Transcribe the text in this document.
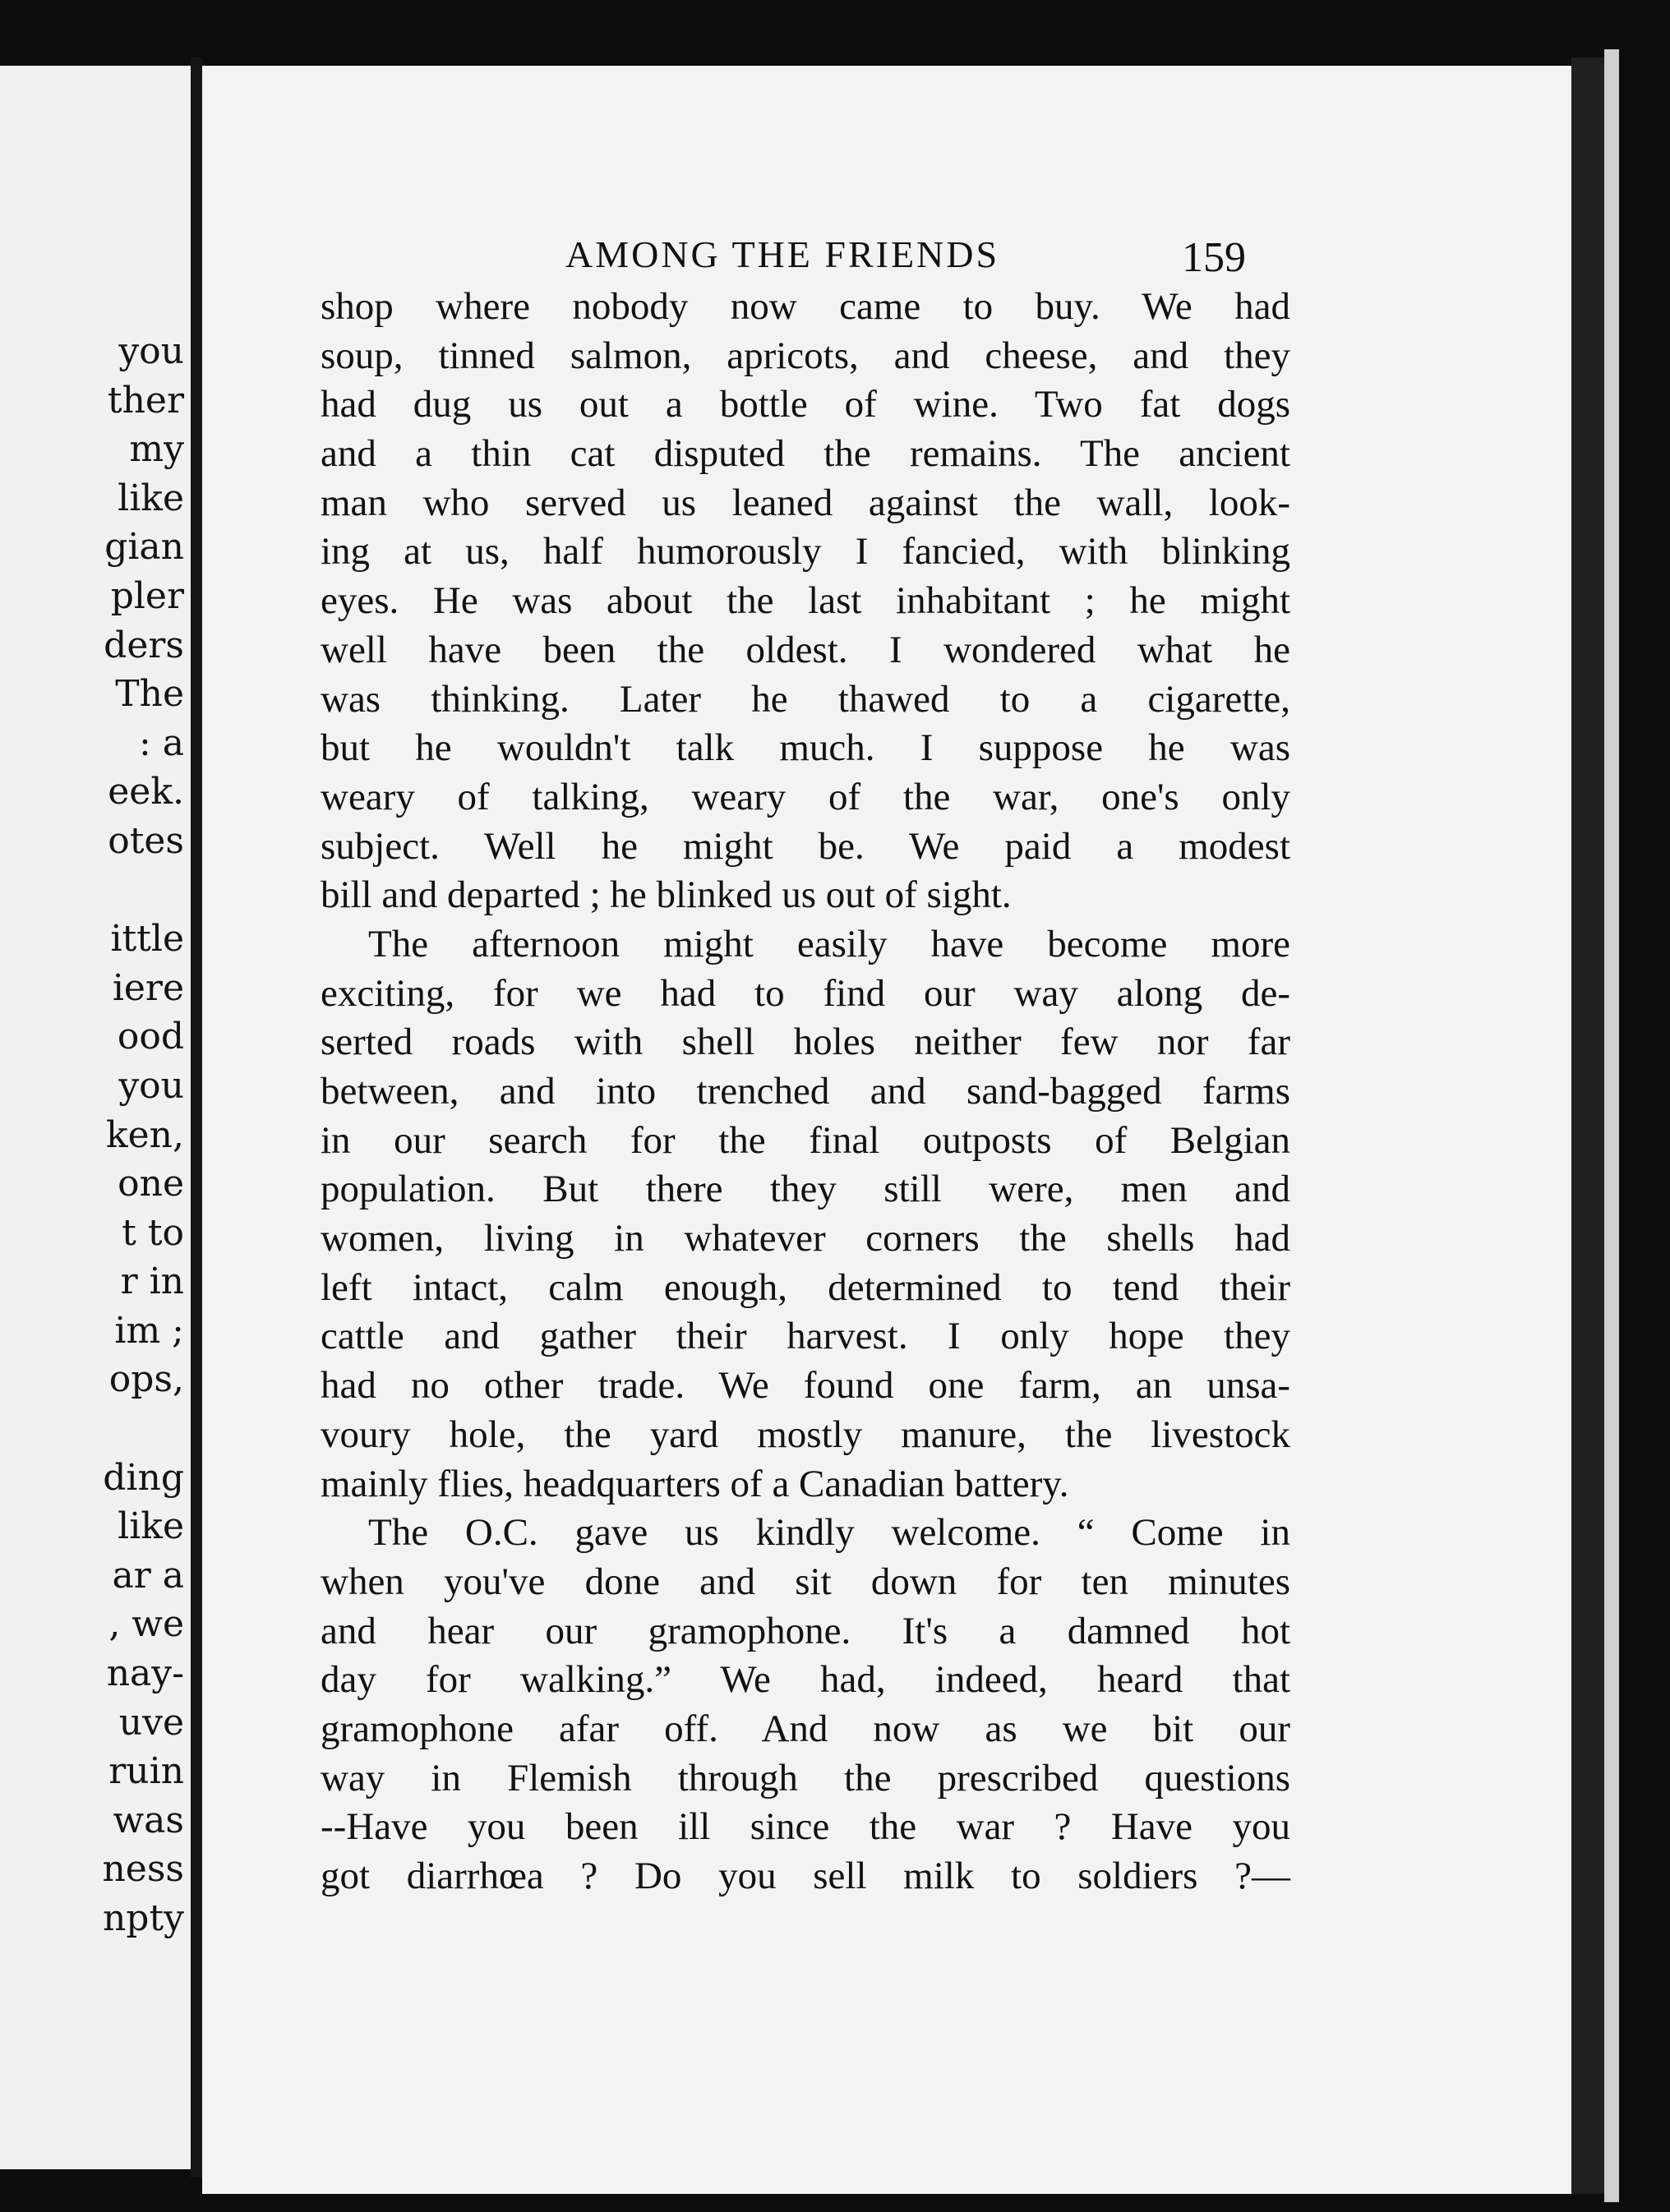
you
ther
my
like
gian
pler
ders
The
: a
eek.
otes
ittle
iere
ood
you
ken,
one
t to
r in
im ;
ops,
ding
like
ar a
, we
nay-
uve
ruin
was
ness
npty
AMONG THE FRIENDS	159
shop where nobody now came to buy. We had
soup, tinned salmon, apricots, and cheese, and they
had dug us out a bottle of wine. Two fat dogs
and a thin cat disputed the remains. The ancient
man who served us leaned against the wall, look-
ing at us, half humorously I fancied, with blinking
eyes. He was about the last inhabitant ; he might
well have been the oldest. I wondered what he
was thinking. Later he thawed to a cigarette,
but he wouldn't talk much. I suppose he was
weary of talking, weary of the war, one's only
subject. Well he might be. We paid a modest
bill and departed ; he blinked us out of sight.
The afternoon might easily have become more
exciting, for we had to find our way along de-
serted roads with shell holes neither few nor far
between, and into trenched and sand-bagged farms
in our search for the final outposts of Belgian
population. But there they still were, men and
women, living in whatever corners the shells had
left intact, calm enough, determined to tend their
cattle and gather their harvest. I only hope they
had no other trade. We found one farm, an unsa-
voury hole, the yard mostly manure, the livestock
mainly flies, headquarters of a Canadian battery.
The O.C. gave us kindly welcome. “ Come in
when you've done and sit down for ten minutes
and hear our gramophone. It's a damned hot
day for walking.” We had, indeed, heard that
gramophone afar off. And now as we bit our
way in Flemish through the prescribed questions
--Have you been ill since the war ? Have you
got diarrhœa ? Do you sell milk to soldiers ?—
